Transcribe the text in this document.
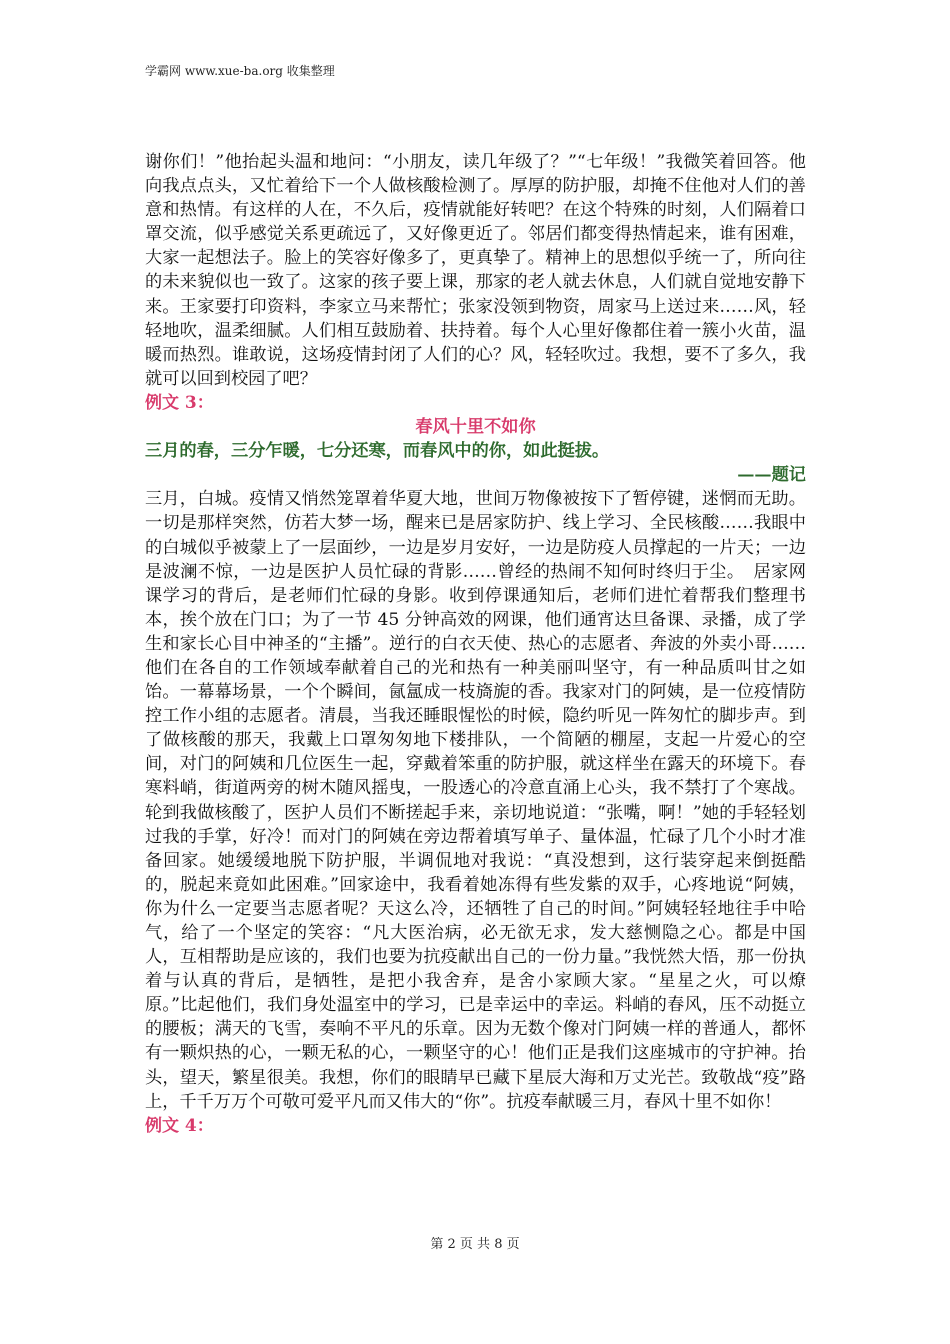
学霸网 www.xue-ba.org 收集整理

谢你们！”他抬起头温和地问：“小朋友，读几年级了？”“七年级！”我微笑着回答。他向我点点头，又忙着给下一个人做核酸检测了。厚厚的防护服，却掩不住他对人们的善意和热情。有这样的人在，不久后，疫情就能好转吧？在这个特殊的时刻，人们隔着口罩交流，似乎感觉关系更疏远了，又好像更近了。邻居们都变得热情起来，谁有困难，大家一起想法子。脸上的笑容好像多了，更真挚了。精神上的思想似乎统一了，所向往的未来貌似也一致了。这家的孩子要上课，那家的老人就去休息，人们就自觉地安静下来。王家要打印资料，李家立马来帮忙；张家没领到物资，周家马上送过来……风，轻轻地吹，温柔细腻。人们相互鼓励着、扶持着。每个人心里好像都住着一簇小火苗，温暖而热烈。谁敢说，这场疫情封闭了人们的心？风，轻轻吹过。我想，要不了多久，我就可以回到校园了吧？

例文 3：

春风十里不如你

三月的春，三分乍暖，七分还寒，而春风中的你，如此挺拔。

——题记

三月，白城。疫情又悄然笼罩着华夏大地，世间万物像被按下了暂停键，迷惘而无助。一切是那样突然，仿若大梦一场，醒来已是居家防护、线上学习、全民核酸……我眼中的白城似乎被蒙上了一层面纱，一边是岁月安好，一边是防疫人员撑起的一片天；一边是波澜不惊，一边是医护人员忙碌的背影……曾经的热闹不知何时终归于尘。　居家网课学习的背后，是老师们忙碌的身影。收到停课通知后，老师们进忙着帮我们整理书本，挨个放在门口；为了一节 45 分钟高效的网课，他们通宵达旦备课、录播，成了学生和家长心目中神圣的“主播”。逆行的白衣天使、热心的志愿者、奔波的外卖小哥……他们在各自的工作领域奉献着自己的光和热有一种美丽叫坚守，有一种品质叫甘之如饴。一幕幕场景，一个个瞬间，氤氲成一枝旖旎的香。我家对门的阿姨，是一位疫情防控工作小组的志愿者。清晨，当我还睡眼惺忪的时候，隐约听见一阵匆忙的脚步声。到了做核酸的那天，我戴上口罩匆匆地下楼排队，一个简陋的棚屋，支起一片爱心的空间，对门的阿姨和几位医生一起，穿戴着笨重的防护服，就这样坐在露天的环境下。春寒料峭，街道两旁的树木随风摇曳，一股透心的冷意直涌上心头，我不禁打了个寒战。轮到我做核酸了，医护人员们不断搓起手来，亲切地说道：“张嘴，啊！”她的手轻轻划过我的手掌，好冷！而对门的阿姨在旁边帮着填写单子、量体温，忙碌了几个小时才准备回家。她缓缓地脱下防护服，半调侃地对我说：“真没想到，这行装穿起来倒挺酷的，脱起来竟如此困难。”回家途中，我看着她冻得有些发紫的双手，心疼地说“阿姨，你为什么一定要当志愿者呢？天这么冷，还牺牲了自己的时间。”阿姨轻轻地往手中哈气，给了一个坚定的笑容：“凡大医治病，必无欲无求，发大慈恻隐之心。都是中国人，互相帮助是应该的，我们也要为抗疫献出自己的一份力量。”我恍然大悟，那一份执着与认真的背后，是牺牲，是把小我舍弃，是舍小家顾大家。“星星之火，可以燎原。”比起他们，我们身处温室中的学习，已是幸运中的幸运。料峭的春风，压不动挺立的腰板；满天的飞雪，奏响不平凡的乐章。因为无数个像对门阿姨一样的普通人，都怀有一颗炽热的心，一颗无私的心，一颗坚守的心！他们正是我们这座城市的守护神。抬头，望天，繁星很美。我想，你们的眼睛早已藏下星辰大海和万丈光芒。致敬战“疫”路上，千千万万个可敬可爱平凡而又伟大的“你”。抗疫奉献暖三月，春风十里不如你！

例文 4：

第 2 页 共 8 页
